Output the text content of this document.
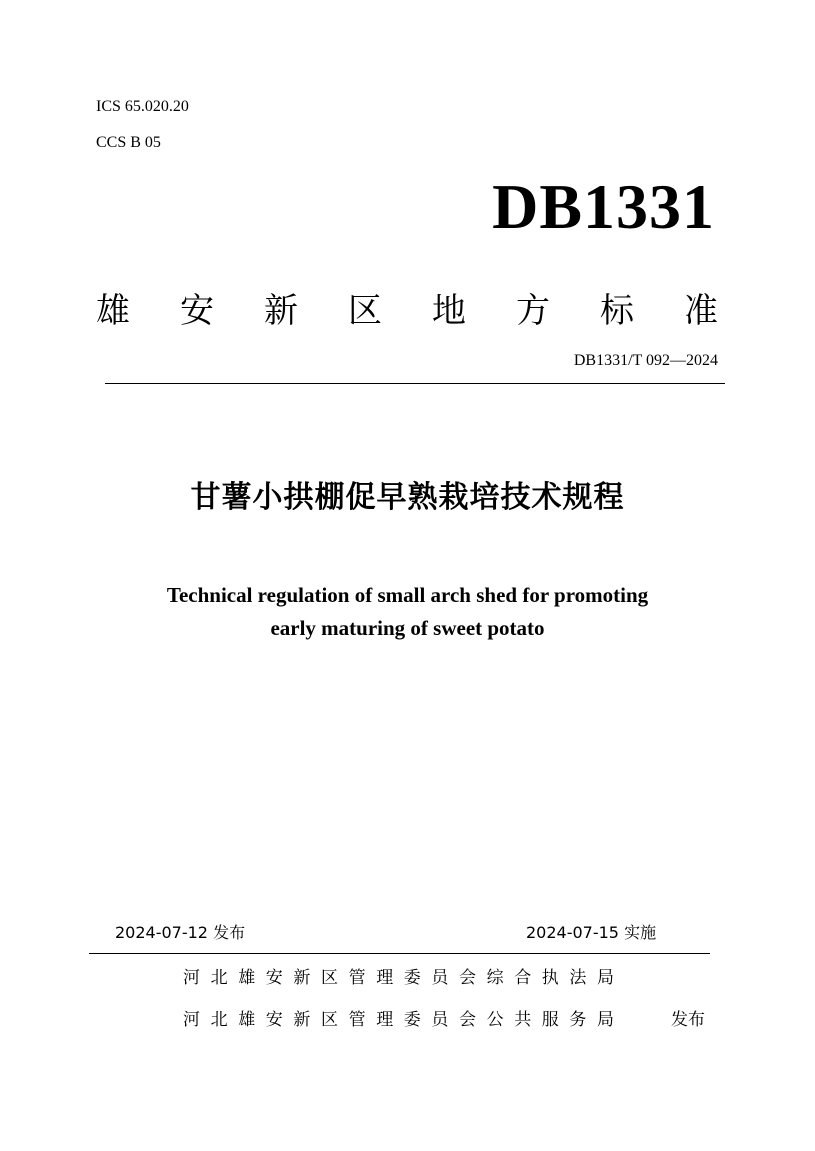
ICS 65.020.20

CCS B 05

DB1331

雄 安 新 区 地 方 标 准

DB1331/T 092—2024

甘薯小拱棚促早熟栽培技术规程
Technical regulation of small arch shed for promoting
early maturing of sweet potato

2024-07-12 发布	2024-07-15 实施

河北雄安新区管理委员会综合执法局

河北雄安新区管理委员会公共服务局	发布
